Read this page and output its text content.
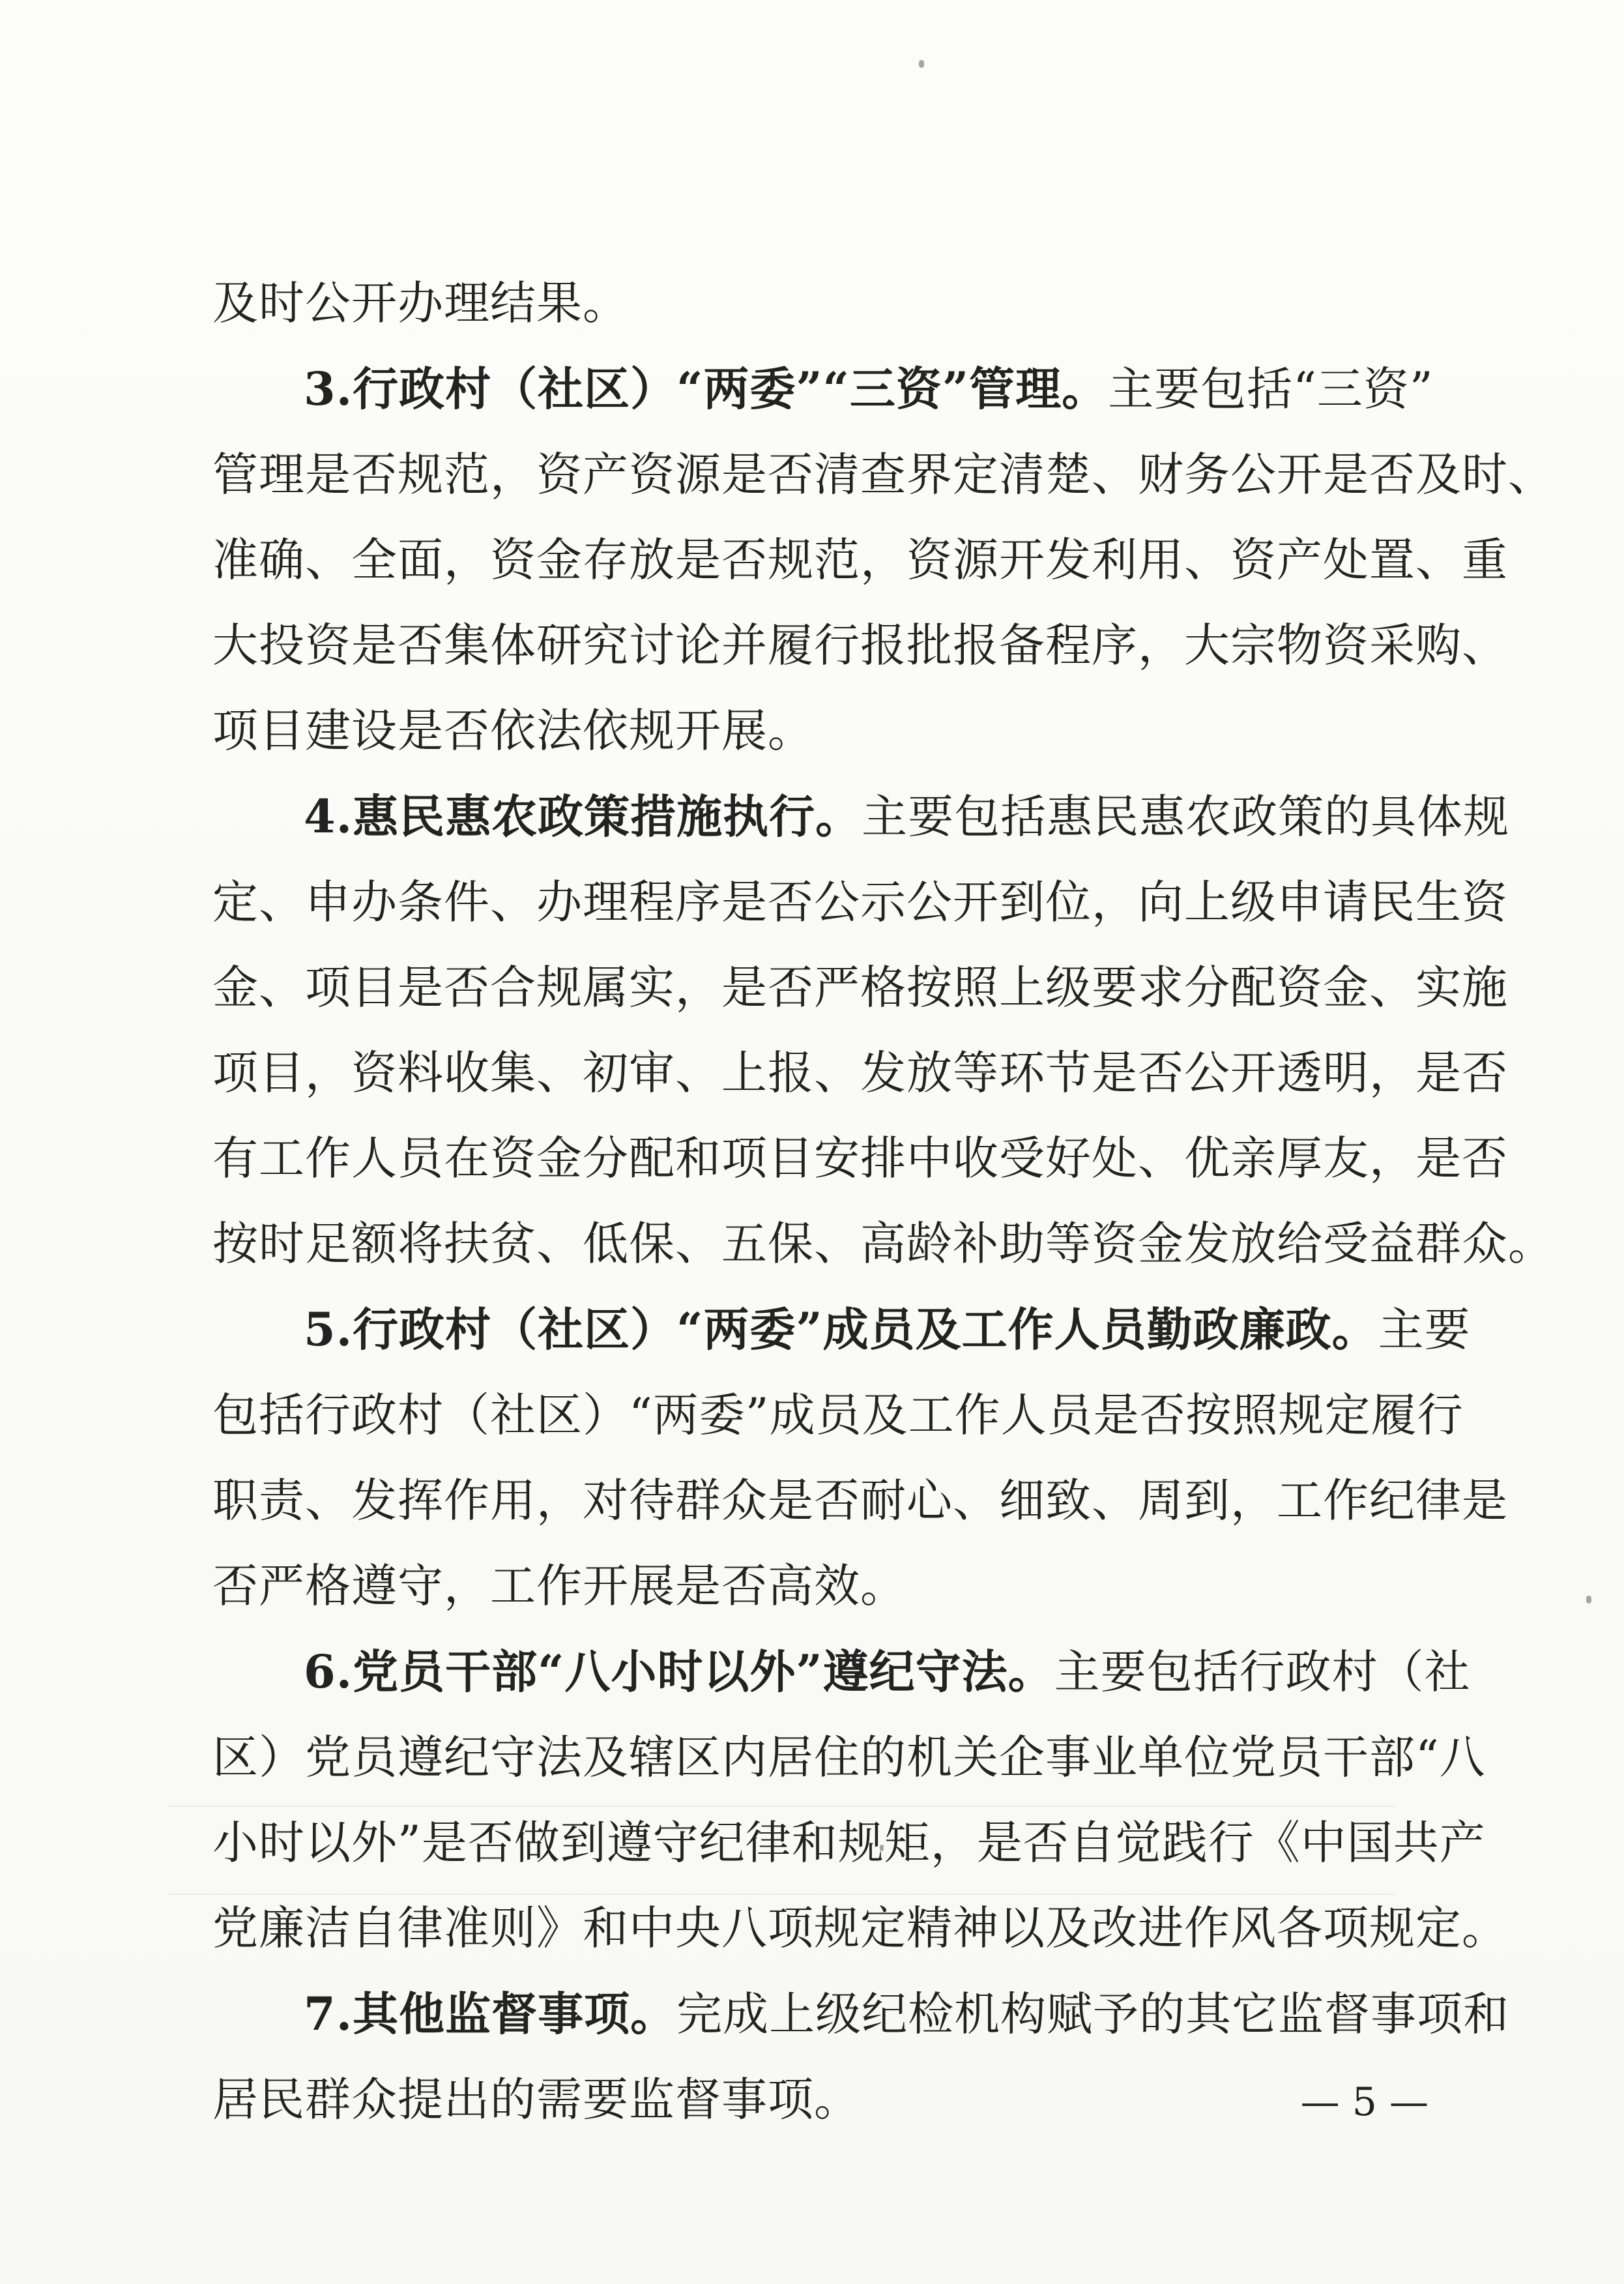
及时公开办理结果。
3.行政村（社区）“两委”“三资”管理。主要包括“三资”
管理是否规范，资产资源是否清查界定清楚、财务公开是否及时、
准确、全面，资金存放是否规范，资源开发利用、资产处置、重
大投资是否集体研究讨论并履行报批报备程序，大宗物资采购、
项目建设是否依法依规开展。
4.惠民惠农政策措施执行。主要包括惠民惠农政策的具体规
定、申办条件、办理程序是否公示公开到位，向上级申请民生资
金、项目是否合规属实，是否严格按照上级要求分配资金、实施
项目，资料收集、初审、上报、发放等环节是否公开透明，是否
有工作人员在资金分配和项目安排中收受好处、优亲厚友，是否
按时足额将扶贫、低保、五保、高龄补助等资金发放给受益群众。
5.行政村（社区）“两委”成员及工作人员勤政廉政。主要
包括行政村（社区）“两委”成员及工作人员是否按照规定履行
职责、发挥作用，对待群众是否耐心、细致、周到，工作纪律是
否严格遵守，工作开展是否高效。
6.党员干部“八小时以外”遵纪守法。主要包括行政村（社
区）党员遵纪守法及辖区内居住的机关企事业单位党员干部“八
小时以外”是否做到遵守纪律和规矩，是否自觉践行《中国共产
党廉洁自律准则》和中央八项规定精神以及改进作风各项规定。
7.其他监督事项。完成上级纪检机构赋予的其它监督事项和
居民群众提出的需要监督事项。	— 5 —
